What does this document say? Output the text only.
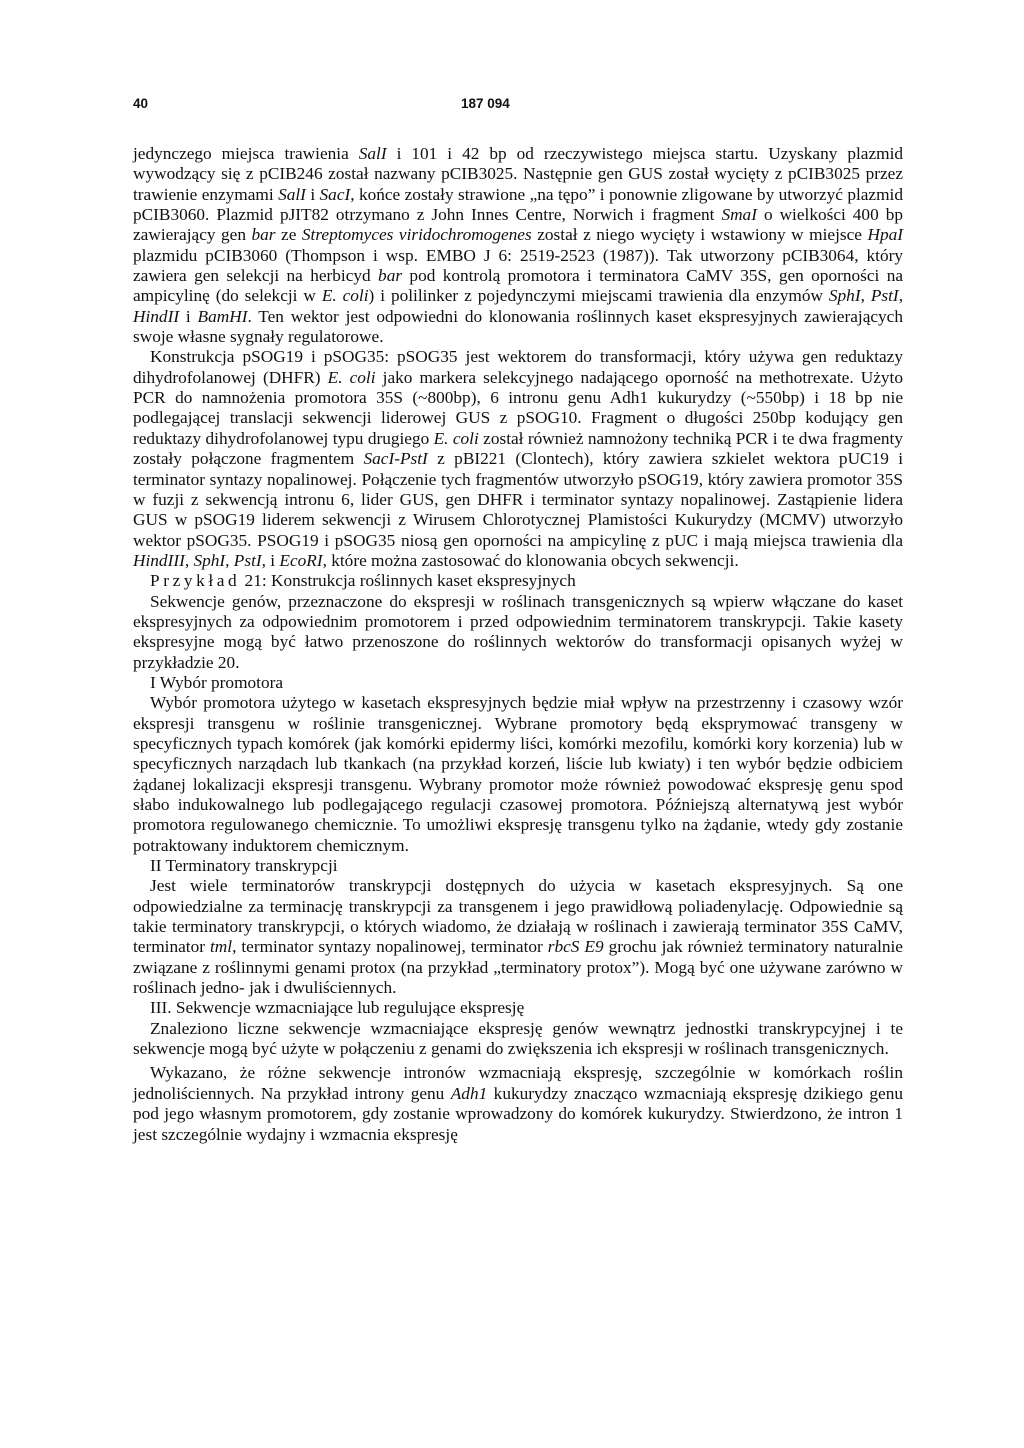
40	187 094

jedynczego miejsca trawienia SalI i 101 i 42 bp od rzeczywistego miejsca startu. Uzyskany plazmid wywodzący się z pCIB246 został nazwany pCIB3025. Następnie gen GUS został wycięty z pCIB3025 przez trawienie enzymami SalI i SacI, końce zostały strawione „na tępo” i ponownie zligowane by utworzyć plazmid pCIB3060. Plazmid pJIT82 otrzymano z John Innes Centre, Norwich i fragment SmaI o wielkości 400 bp zawierający gen bar ze Streptomyces viridochromogenes został z niego wycięty i wstawiony w miejsce HpaI plazmidu pCIB3060 (Thompson i wsp. EMBO J 6: 2519-2523 (1987)). Tak utworzony pCIB3064, który zawiera gen selekcji na herbicyd bar pod kontrolą promotora i terminatora CaMV 35S, gen oporności na ampicylinę (do selekcji w E. coli) i polilinker z pojedynczymi miejscami trawienia dla enzymów SphI, PstI, HindII i BamHI. Ten wektor jest odpowiedni do klonowania roślinnych kaset ekspresyjnych zawierających swoje własne sygnały regulatorowe.

Konstrukcja pSOG19 i pSOG35: pSOG35 jest wektorem do transformacji, który używa gen reduktazy dihydrofolanowej (DHFR) E. coli jako markera selekcyjnego nadającego oporność na methotrexate. Użyto PCR do namnożenia promotora 35S (~800bp), 6 intronu genu Adh1 kukurydzy (~550bp) i 18 bp nie podlegającej translacji sekwencji liderowej GUS z pSOG10. Fragment o długości 250bp kodujący gen reduktazy dihydrofolanowej typu drugiego E. coli został również namnożony techniką PCR i te dwa fragmenty zostały połączone fragmentem SacI-PstI z pBI221 (Clontech), który zawiera szkielet wektora pUC19 i terminator syntazy nopalinowej. Połączenie tych fragmentów utworzyło pSOG19, który zawiera promotor 35S w fuzji z sekwencją intronu 6, lider GUS, gen DHFR i terminator syntazy nopalinowej. Zastąpienie lidera GUS w pSOG19 liderem sekwencji z Wirusem Chlorotycznej Plamistości Kukurydzy (MCMV) utworzyło wektor pSOG35. PSOG19 i pSOG35 niosą gen oporności na ampicylinę z pUC i mają miejsca trawienia dla HindIII, SphI, PstI, i EcoRI, które można zastosować do klonowania obcych sekwencji.

Przykład 21: Konstrukcja roślinnych kaset ekspresyjnych

Sekwencje genów, przeznaczone do ekspresji w roślinach transgenicznych są wpierw włączane do kaset ekspresyjnych za odpowiednim promotorem i przed odpowiednim terminatorem transkrypcji. Takie kasety ekspresyjne mogą być łatwo przenoszone do roślinnych wektorów do transformacji opisanych wyżej w przykładzie 20.

I Wybór promotora

Wybór promotora użytego w kasetach ekspresyjnych będzie miał wpływ na przestrzenny i czasowy wzór ekspresji transgenu w roślinie transgenicznej. Wybrane promotory będą eksprymować transgeny w specyficznych typach komórek (jak komórki epidermy liści, komórki mezofilu, komórki kory korzenia) lub w specyficznych narządach lub tkankach (na przykład korzeń, liście lub kwiaty) i ten wybór będzie odbiciem żądanej lokalizacji ekspresji transgenu. Wybrany promotor może również powodować ekspresję genu spod słabo indukowalnego lub podlegającego regulacji czasowej promotora. Późniejszą alternatywą jest wybór promotora regulowanego chemicznie. To umożliwi ekspresję transgenu tylko na żądanie, wtedy gdy zostanie potraktowany induktorem chemicznym.

II Terminatory transkrypcji

Jest wiele terminatorów transkrypcji dostępnych do użycia w kasetach ekspresyjnych. Są one odpowiedzialne za terminację transkrypcji za transgenem i jego prawidłową poliadenylację. Odpowiednie są takie terminatory transkrypcji, o których wiadomo, że działają w roślinach i zawierają terminator 35S CaMV, terminator tml, terminator syntazy nopalinowej, terminator rbcS E9 grochu jak również terminatory naturalnie związane z roślinnymi genami protox (na przykład „terminatory protox”). Mogą być one używane zarówno w roślinach jedno- jak i dwuliściennych.

III. Sekwencje wzmacniające lub regulujące ekspresję

Znaleziono liczne sekwencje wzmacniające ekspresję genów wewnątrz jednostki transkrypcyjnej i te sekwencje mogą być użyte w połączeniu z genami do zwiększenia ich ekspresji w roślinach transgenicznych.

Wykazano, że różne sekwencje intronów wzmacniają ekspresję, szczególnie w komórkach roślin jednoliściennych. Na przykład introny genu Adh1 kukurydzy znacząco wzmacniają ekspresję dzikiego genu pod jego własnym promotorem, gdy zostanie wprowadzony do komórek kukurydzy. Stwierdzono, że intron 1 jest szczególnie wydajny i wzmacnia ekspresję
